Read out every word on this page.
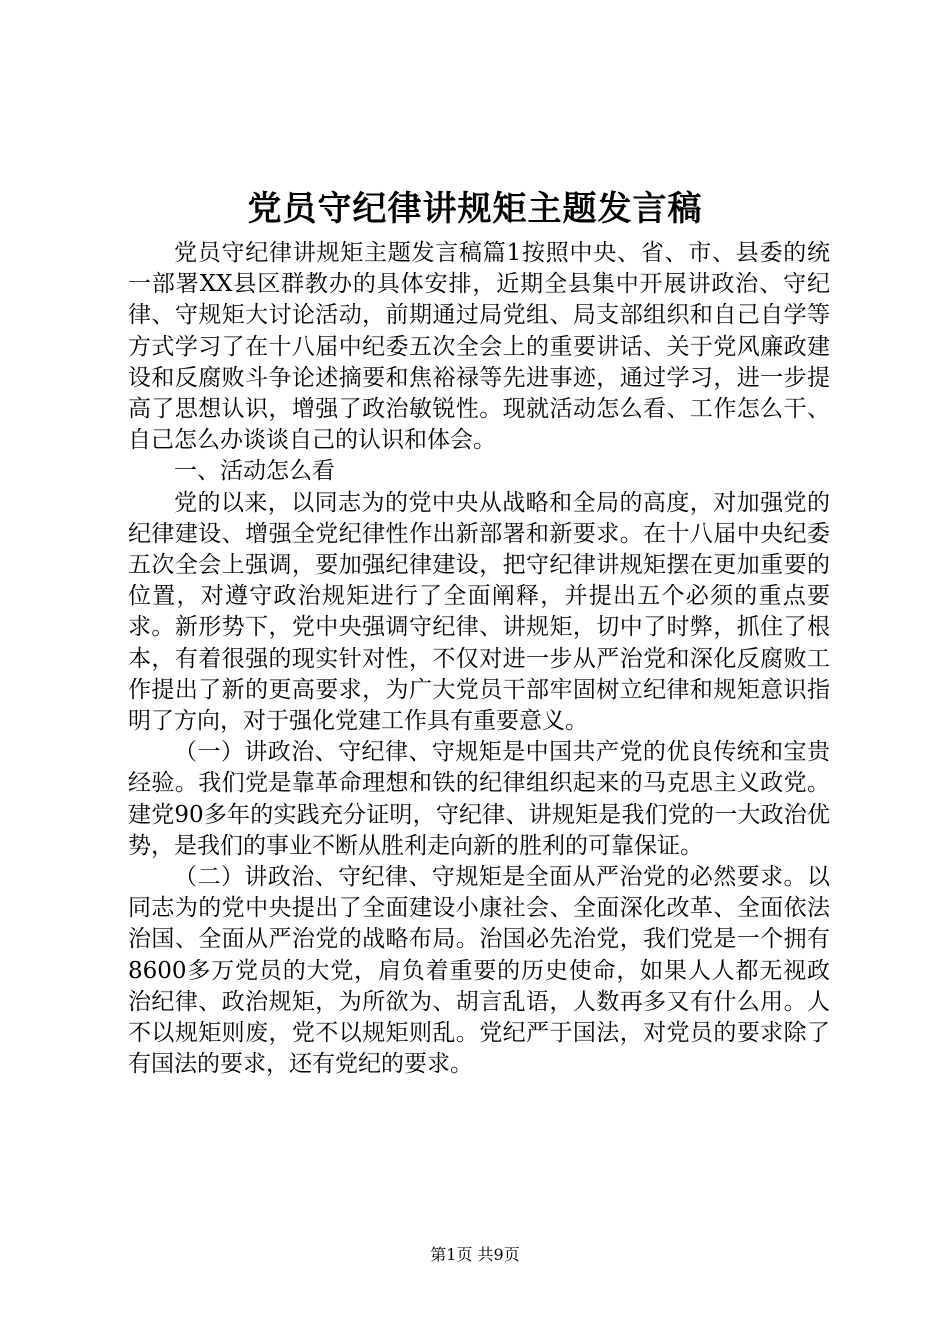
党员守纪律讲规矩主题发言稿

党员守纪律讲规矩主题发言稿篇1按照中央、省、市、县委的统一部署XX县区群教办的具体安排，近期全县集中开展讲政治、守纪律、守规矩大讨论活动，前期通过局党组、局支部组织和自己自学等方式学习了在十八届中纪委五次全会上的重要讲话、关于党风廉政建设和反腐败斗争论述摘要和焦裕禄等先进事迹，通过学习，进一步提高了思想认识，增强了政治敏锐性。现就活动怎么看、工作怎么干、自己怎么办谈谈自己的认识和体会。

一、活动怎么看

党的以来，以同志为的党中央从战略和全局的高度，对加强党的纪律建设、增强全党纪律性作出新部署和新要求。在十八届中央纪委五次全会上强调，要加强纪律建设，把守纪律讲规矩摆在更加重要的位置，对遵守政治规矩进行了全面阐释，并提出五个必须的重点要求。新形势下，党中央强调守纪律、讲规矩，切中了时弊，抓住了根本，有着很强的现实针对性，不仅对进一步从严治党和深化反腐败工作提出了新的更高要求，为广大党员干部牢固树立纪律和规矩意识指明了方向，对于强化党建工作具有重要意义。

（一）讲政治、守纪律、守规矩是中国共产党的优良传统和宝贵经验。我们党是靠革命理想和铁的纪律组织起来的马克思主义政党。建党90多年的实践充分证明，守纪律、讲规矩是我们党的一大政治优势，是我们的事业不断从胜利走向新的胜利的可靠保证。

（二）讲政治、守纪律、守规矩是全面从严治党的必然要求。以同志为的党中央提出了全面建设小康社会、全面深化改革、全面依法治国、全面从严治党的战略布局。治国必先治党，我们党是一个拥有8600多万党员的大党，肩负着重要的历史使命，如果人人都无视政治纪律、政治规矩，为所欲为、胡言乱语，人数再多又有什么用。人不以规矩则废，党不以规矩则乱。党纪严于国法，对党员的要求除了有国法的要求，还有党纪的要求。

第1页 共9页
